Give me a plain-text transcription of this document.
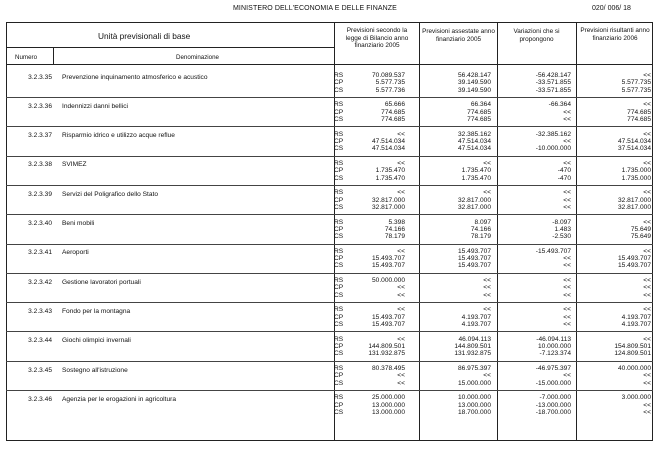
MINISTERO DELL'ECONOMIA E DELLE FINANZE	020/ 006/ 18
Unità previsionali di base
Numero	Denominazione
Previsioni secondo la legge di Bilancio anno finanziario 2005
Previsioni assestate anno finanziario 2005
Variazioni che si propongono
Previsioni risultanti anno finanziario 2006
3.2.3.35 Prevenzione inquinamento atmosferico e acustico	RS	70.089.537	56.428.147	-56.428.147	<<
CP	5.577.735	39.149.590	-33.571.855	5.577.735
CS	5.577.736	39.149.590	-33.571.855	5.577.735
3.2.3.36 Indennizzi danni bellici	RS	65.666	66.364	-66.364	<<
CP	774.685	774.685	<<	774.685
CS	774.685	774.685	<<	774.685
3.2.3.37 Risparmio idrico e utilizzo acque reflue	RS	<<	32.385.162	-32.385.162	<<
CP	47.514.034	47.514.034	<<	47.514.034
CS	47.514.034	47.514.034	-10.000.000	37.514.034
3.2.3.38 SVIMEZ	RS	<<	<<	<<	<<
CP	1.735.470	1.735.470	-470	1.735.000
CS	1.735.470	1.735.470	-470	1.735.000
3.2.3.39 Servizi del Poligrafico dello Stato	RS	<<	<<	<<	<<
CP	32.817.000	32.817.000	<<	32.817.000
CS	32.817.000	32.817.000	<<	32.817.000
3.2.3.40 Beni mobili	RS	5.398	8.097	-8.097	<<
CP	74.166	74.166	1.483	75.649
CS	78.179	78.179	-2.530	75.649
3.2.3.41 Aeroporti	RS	<<	15.493.707	-15.493.707	<<
CP	15.493.707	15.493.707	<<	15.493.707
CS	15.493.707	15.493.707	<<	15.493.707
3.2.3.42 Gestione lavoratori portuali	RS	50.000.000	<<	<<	<<
CP	<<	<<	<<	<<
CS	<<	<<	<<	<<
3.2.3.43 Fondo per la montagna	RS	<<	<<	<<	<<
CP	15.493.707	4.193.707	<<	4.193.707
CS	15.493.707	4.193.707	<<	4.193.707
3.2.3.44 Giochi olimpici invernali	RS	<<	46.094.113	-46.094.113	<<
CP	144.809.501	144.809.501	10.000.000	154.809.501
CS	131.932.875	131.932.875	-7.123.374	124.809.501
3.2.3.45 Sostegno all'istruzione	RS	80.378.495	86.975.397	-46.975.397	40.000.000
CP	<<	<<	<<	<<
CS	<<	15.000.000	-15.000.000	<<
3.2.3.46 Agenzia per le erogazioni in agricoltura	RS	25.000.000	10.000.000	-7.000.000	3.000.000
CP	13.000.000	13.000.000	-13.000.000	<<
CS	13.000.000	18.700.000	-18.700.000	<<
